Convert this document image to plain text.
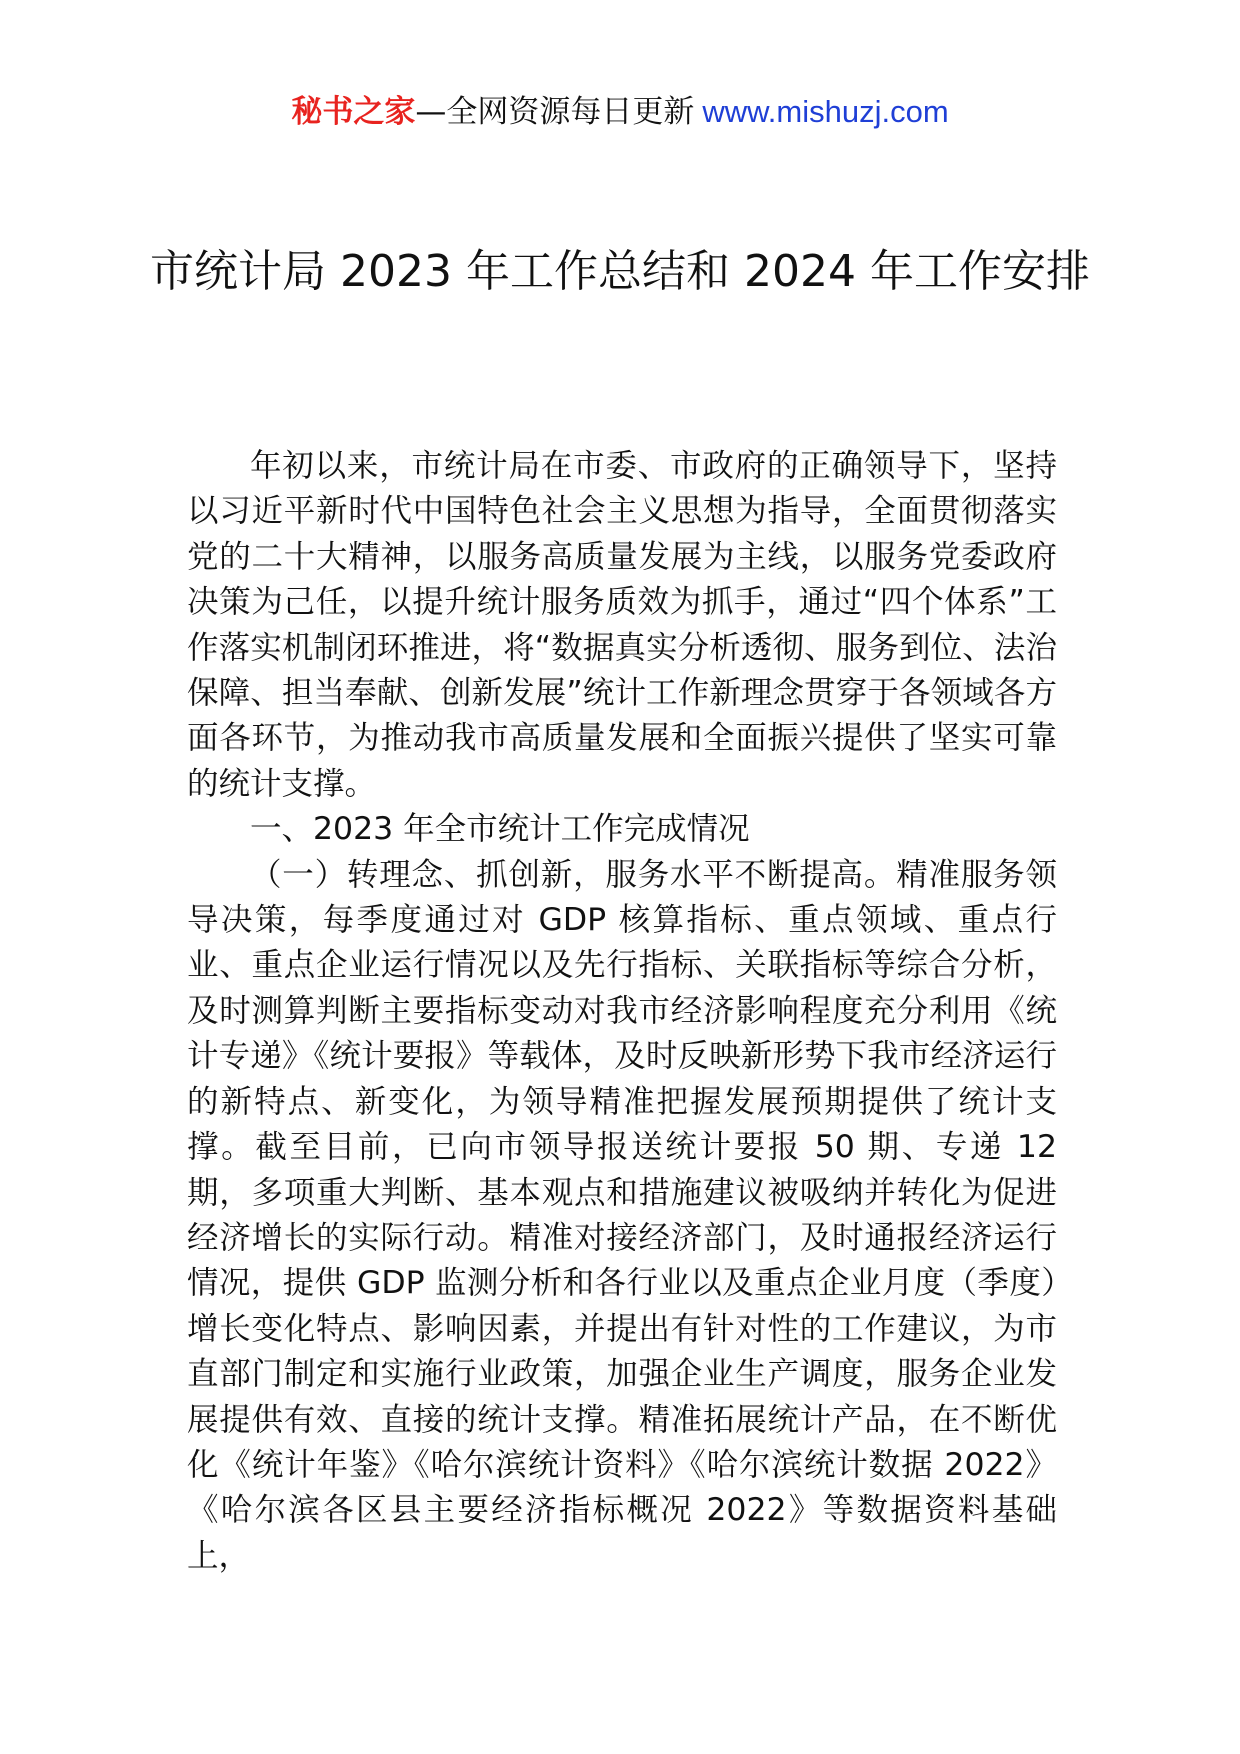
秘书之家—全网资源每日更新 www.mishuzj.com
市统计局 2023 年工作总结和 2024 年工作安排

年初以来，市统计局在市委、市政府的正确领导下，坚持以习近平新时代中国特色社会主义思想为指导，全面贯彻落实党的二十大精神，以服务高质量发展为主线，以服务党委政府决策为己任，以提升统计服务质效为抓手，通过“四个体系”工作落实机制闭环推进，将“数据真实分析透彻、服务到位、法治保障、担当奉献、创新发展”统计工作新理念贯穿于各领域各方面各环节，为推动我市高质量发展和全面振兴提供了坚实可靠的统计支撑。

一、2023 年全市统计工作完成情况

（一）转理念、抓创新，服务水平不断提高。精准服务领导决策，每季度通过对 GDP 核算指标、重点领域、重点行业、重点企业运行情况以及先行指标、关联指标等综合分析，及时测算判断主要指标变动对我市经济影响程度充分利用《统计专递》《统计要报》等载体，及时反映新形势下我市经济运行的新特点、新变化，为领导精准把握发展预期提供了统计支撑。截至目前，已向市领导报送统计要报 50 期、专递 12 期，多项重大判断、基本观点和措施建议被吸纳并转化为促进经济增长的实际行动。精准对接经济部门，及时通报经济运行情况，提供 GDP 监测分析和各行业以及重点企业月度（季度）增长变化特点、影响因素，并提出有针对性的工作建议，为市直部门制定和实施行业政策，加强企业生产调度，服务企业发展提供有效、直接的统计支撑。精准拓展统计产品，在不断优化《统计年鉴》《哈尔滨统计资料》《哈尔滨统计数据 2022》《哈尔滨各区县主要经济指标概况 2022》等数据资料基础上，
